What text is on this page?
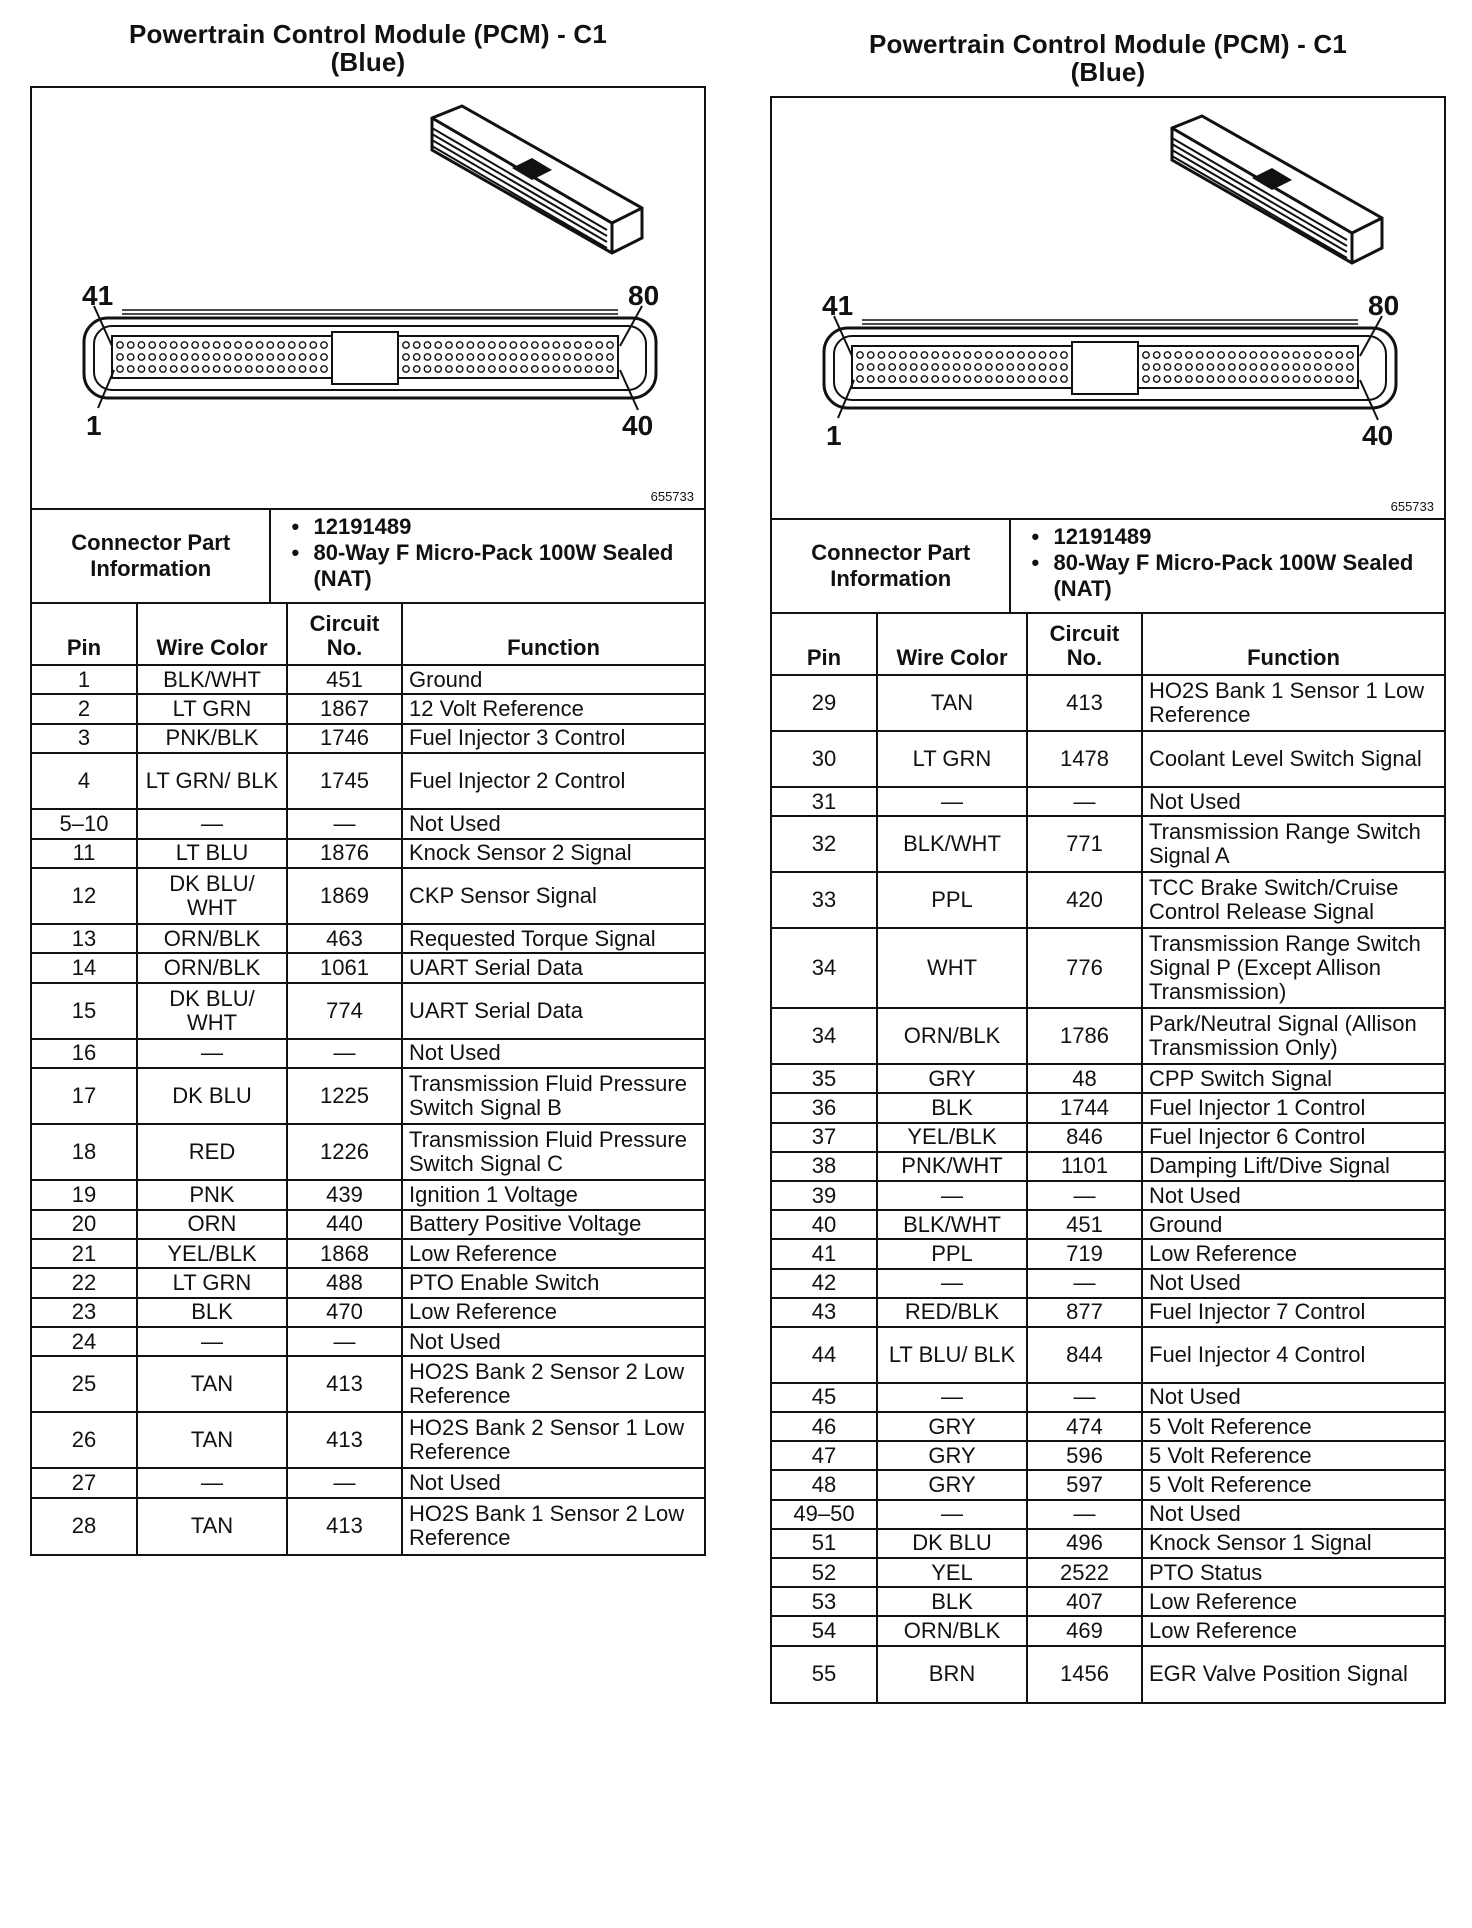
Powertrain Control Module (PCM) - C1
(Blue)
41	80
1	40
655733
Connector Part Information
• 12191489
• 80-Way F Micro-Pack 100W Sealed (NAT)
Pin	Wire Color	Circuit No.	Function
1	BLK/WHT	451	Ground
2	LT GRN	1867	12 Volt Reference
3	PNK/BLK	1746	Fuel Injector 3 Control
4	LT GRN/ BLK	1745	Fuel Injector 2 Control
5–10	—	—	Not Used
11	LT BLU	1876	Knock Sensor 2 Signal
12	DK BLU/ WHT	1869	CKP Sensor Signal
13	ORN/BLK	463	Requested Torque Signal
14	ORN/BLK	1061	UART Serial Data
15	DK BLU/ WHT	774	UART Serial Data
16	—	—	Not Used
17	DK BLU	1225	Transmission Fluid Pressure Switch Signal B
18	RED	1226	Transmission Fluid Pressure Switch Signal C
19	PNK	439	Ignition 1 Voltage
20	ORN	440	Battery Positive Voltage
21	YEL/BLK	1868	Low Reference
22	LT GRN	488	PTO Enable Switch
23	BLK	470	Low Reference
24	—	—	Not Used
25	TAN	413	HO2S Bank 2 Sensor 2 Low Reference
26	TAN	413	HO2S Bank 2 Sensor 1 Low Reference
27	—	—	Not Used
28	TAN	413	HO2S Bank 1 Sensor 2 Low Reference
Powertrain Control Module (PCM) - C1
(Blue)
41	80
1	40
655733
Connector Part Information
• 12191489
• 80-Way F Micro-Pack 100W Sealed (NAT)
Pin	Wire Color	Circuit No.	Function
29	TAN	413	HO2S Bank 1 Sensor 1 Low Reference
30	LT GRN	1478	Coolant Level Switch Signal
31	—	—	Not Used
32	BLK/WHT	771	Transmission Range Switch Signal A
33	PPL	420	TCC Brake Switch/Cruise Control Release Signal
34	WHT	776	Transmission Range Switch Signal P (Except Allison Transmission)
34	ORN/BLK	1786	Park/Neutral Signal (Allison Transmission Only)
35	GRY	48	CPP Switch Signal
36	BLK	1744	Fuel Injector 1 Control
37	YEL/BLK	846	Fuel Injector 6 Control
38	PNK/WHT	1101	Damping Lift/Dive Signal
39	—	—	Not Used
40	BLK/WHT	451	Ground
41	PPL	719	Low Reference
42	—	—	Not Used
43	RED/BLK	877	Fuel Injector 7 Control
44	LT BLU/ BLK	844	Fuel Injector 4 Control
45	—	—	Not Used
46	GRY	474	5 Volt Reference
47	GRY	596	5 Volt Reference
48	GRY	597	5 Volt Reference
49–50	—	—	Not Used
51	DK BLU	496	Knock Sensor 1 Signal
52	YEL	2522	PTO Status
53	BLK	407	Low Reference
54	ORN/BLK	469	Low Reference
55	BRN	1456	EGR Valve Position Signal
